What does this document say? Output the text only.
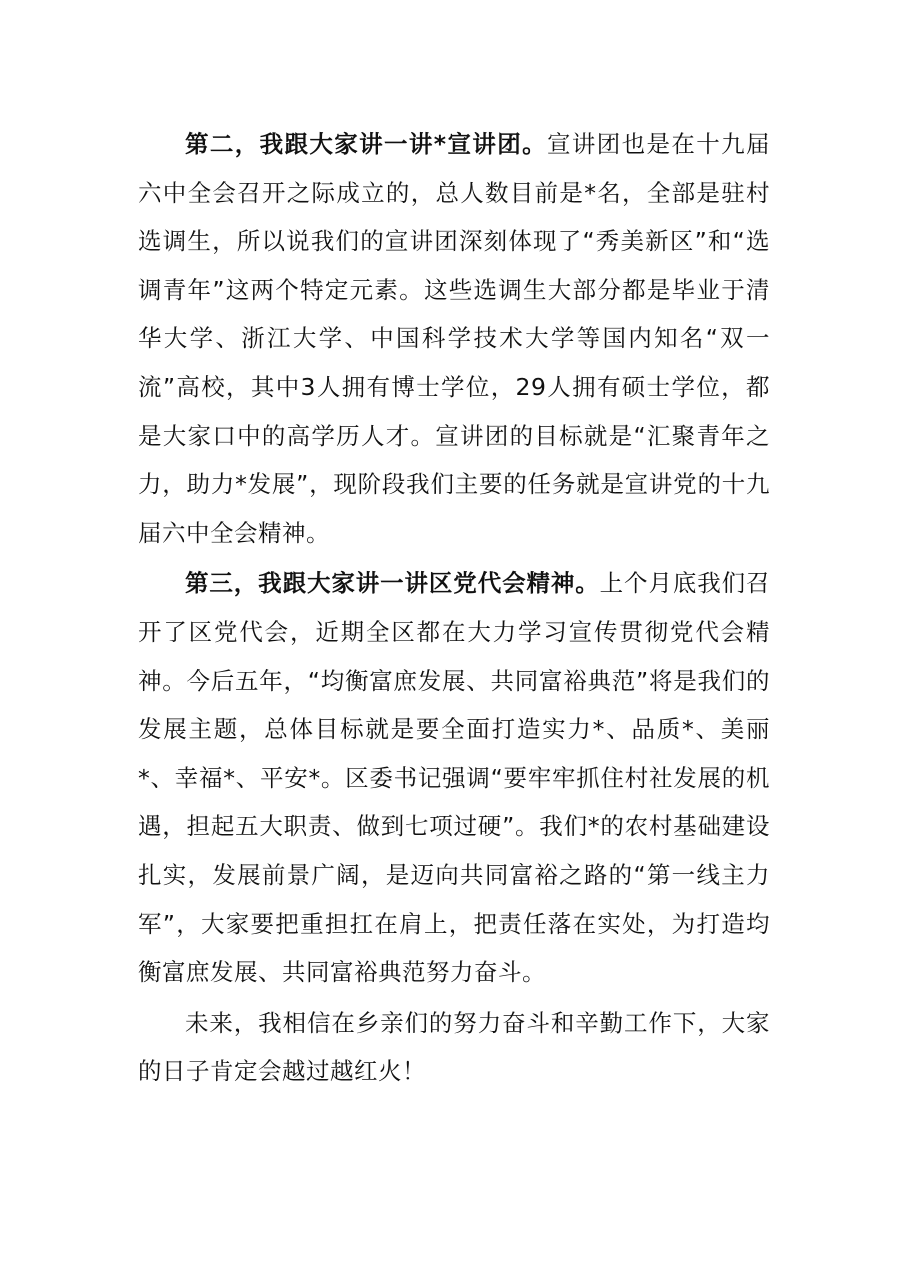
第二，我跟大家讲一讲*宣讲团。宣讲团也是在十九届六中全会召开之际成立的，总人数目前是*名，全部是驻村选调生，所以说我们的宣讲团深刻体现了“秀美新区”和“选调青年”这两个特定元素。这些选调生大部分都是毕业于清华大学、浙江大学、中国科学技术大学等国内知名“双一流”高校，其中3人拥有博士学位，29人拥有硕士学位，都是大家口中的高学历人才。宣讲团的目标就是“汇聚青年之力，助力*发展”，现阶段我们主要的任务就是宣讲党的十九届六中全会精神。

第三，我跟大家讲一讲区党代会精神。上个月底我们召开了区党代会，近期全区都在大力学习宣传贯彻党代会精神。今后五年，“均衡富庶发展、共同富裕典范”将是我们的发展主题，总体目标就是要全面打造实力*、品质*、美丽*、幸福*、平安*。区委书记强调“要牢牢抓住村社发展的机遇，担起五大职责、做到七项过硬”。我们*的农村基础建设扎实，发展前景广阔，是迈向共同富裕之路的“第一线主力军”，大家要把重担扛在肩上，把责任落在实处，为打造均衡富庶发展、共同富裕典范努力奋斗。

未来，我相信在乡亲们的努力奋斗和辛勤工作下，大家的日子肯定会越过越红火！
